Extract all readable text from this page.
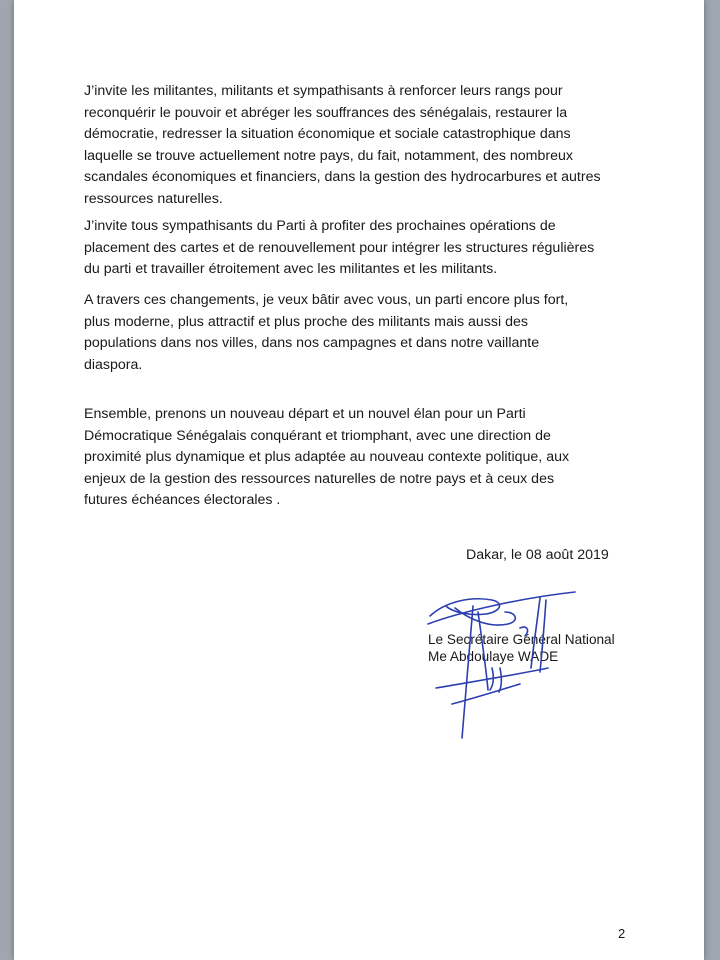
J’invite les militantes, militants et sympathisants à renforcer leurs rangs pour
reconquérir le pouvoir et abréger les souffrances des sénégalais, restaurer la
démocratie, redresser la situation économique et sociale catastrophique dans
laquelle se trouve actuellement notre pays, du fait, notamment, des nombreux
scandales économiques et financiers, dans la gestion des hydrocarbures et autres
ressources naturelles.
J’invite tous sympathisants du Parti à profiter des prochaines opérations de
placement des cartes et de renouvellement pour intégrer les structures régulières
du parti et travailler étroitement avec les militantes et les militants.
A travers ces changements, je veux bâtir avec vous, un parti encore plus fort,
plus moderne, plus attractif et plus proche des militants mais aussi des
populations dans nos villes, dans nos campagnes et dans notre vaillante
diaspora.
Ensemble, prenons un nouveau départ et un nouvel élan pour un Parti
Démocratique Sénégalais conquérant et triomphant, avec une direction de
proximité plus dynamique et plus adaptée au nouveau contexte politique, aux
enjeux de la gestion des ressources naturelles de notre pays et à ceux des
futures échéances électorales .
Dakar, le 08 août 2019
Le Secrétaire Général National
Me Abdoulaye WADE
2
